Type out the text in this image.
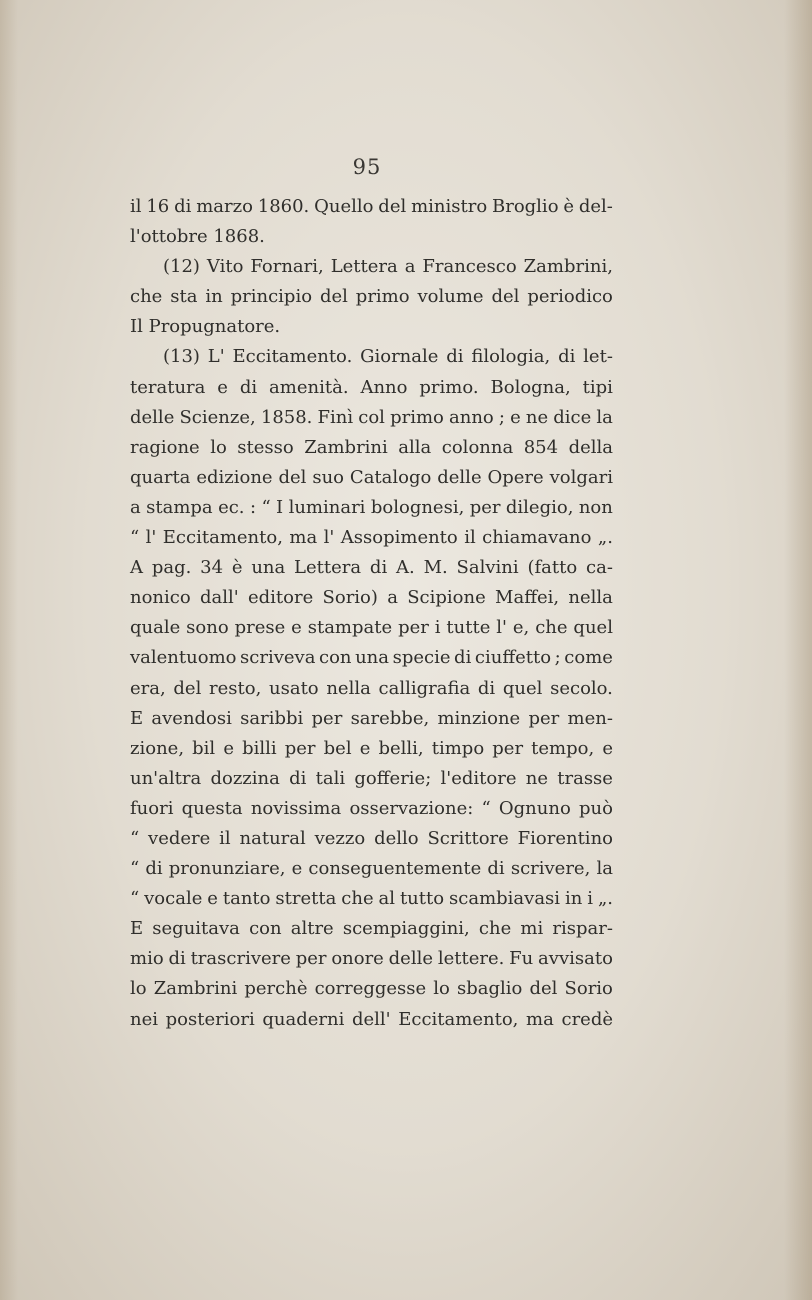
95
il 16 di marzo 1860. Quello del ministro Broglio è del-
l'ottobre 1868.
(12) Vito Fornari, Lettera a Francesco Zambrini,
che sta in principio del primo volume del periodico
Il Propugnatore.
(13) L' Eccitamento. Giornale di filologia, di let-
teratura e di amenità. Anno primo. Bologna, tipi
delle Scienze, 1858. Finì col primo anno ; e ne dice la
ragione lo stesso Zambrini alla colonna 854 della
quarta edizione del suo Catalogo delle Opere volgari
a stampa ec. : “ I luminari bolognesi, per dilegio, non
“ l' Eccitamento, ma l' Assopimento il chiamavano „.
A pag. 34 è una Lettera di A. M. Salvini (fatto ca-
nonico dall' editore Sorio) a Scipione Maffei, nella
quale sono prese e stampate per i tutte l' e, che quel
valentuomo scriveva con una specie di ciuffetto ; come
era, del resto, usato nella calligrafia di quel secolo.
E avendosi saribbi per sarebbe, minzione per men-
zione, bil e billi per bel e belli, timpo per tempo, e
un'altra dozzina di tali gofferie; l'editore ne trasse
fuori questa novissima osservazione: “ Ognuno può
“ vedere il natural vezzo dello Scrittore Fiorentino
“ di pronunziare, e conseguentemente di scrivere, la
“ vocale e tanto stretta che al tutto scambiavasi in i „.
E seguitava con altre scempiaggini, che mi rispar-
mio di trascrivere per onore delle lettere. Fu avvisato
lo Zambrini perchè correggesse lo sbaglio del Sorio
nei posteriori quaderni dell' Eccitamento, ma credè
